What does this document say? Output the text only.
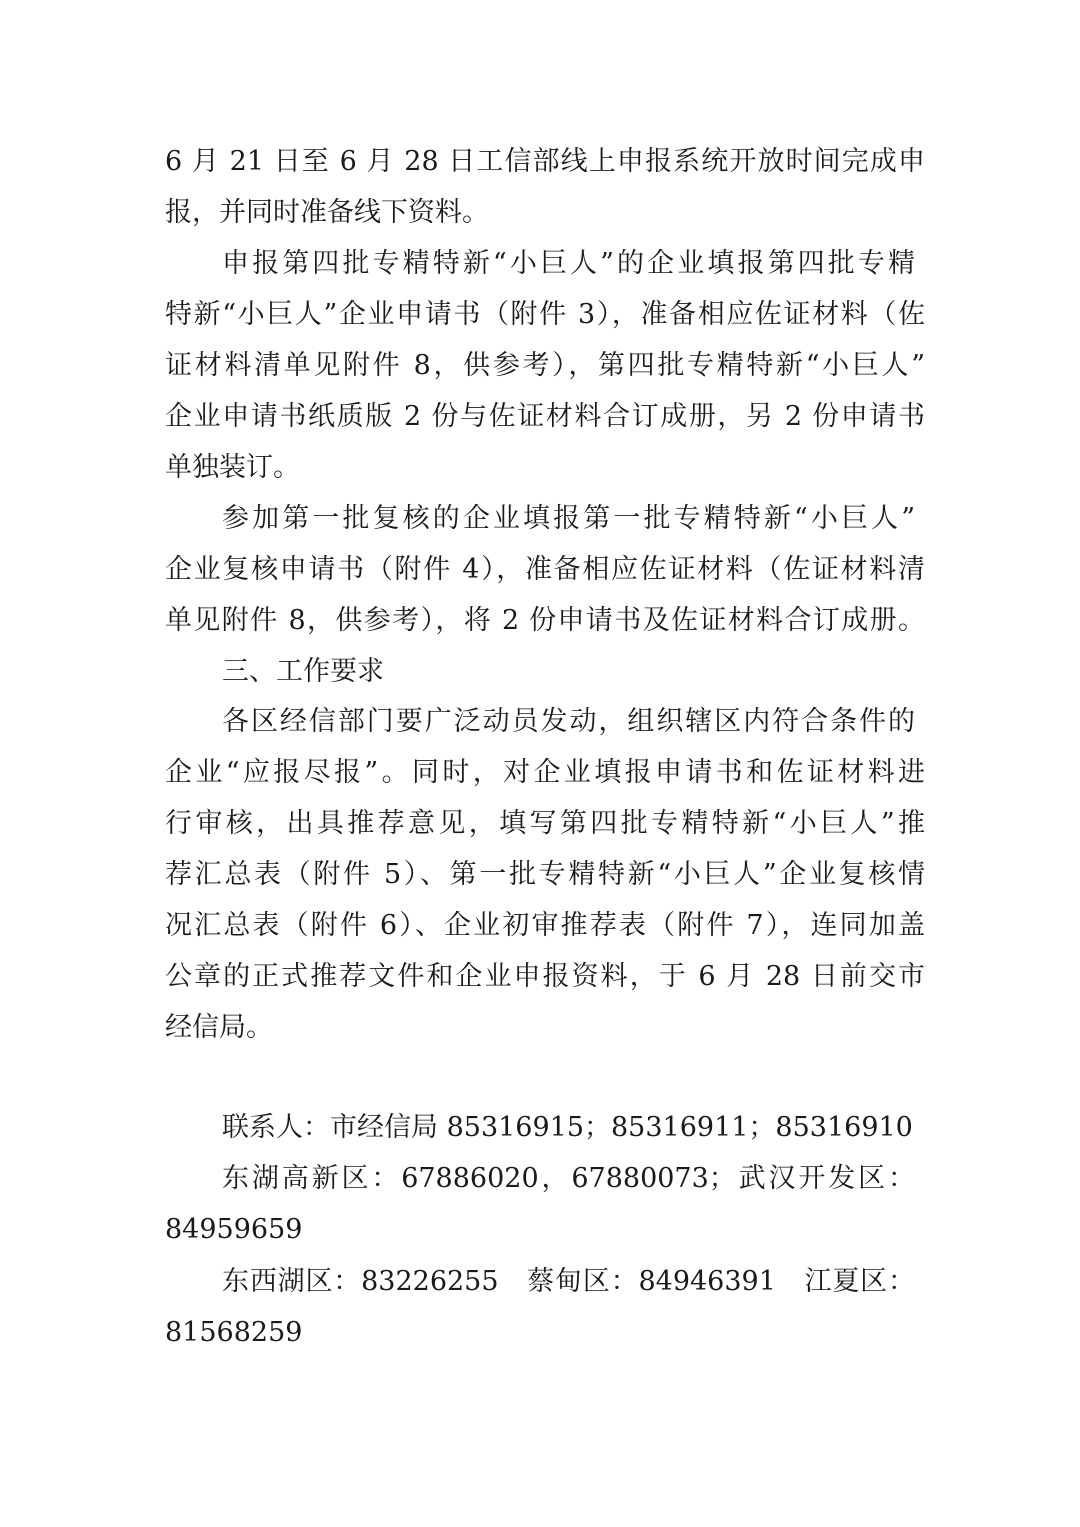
6 月 21 日至 6 月 28 日工信部线上申报系统开放时间完成申
报，并同时准备线下资料。
申报第四批专精特新“小巨人”的企业填报第四批专精
特新“小巨人”企业申请书（附件 3），准备相应佐证材料（佐
证材料清单见附件 8，供参考），第四批专精特新“小巨人”
企业申请书纸质版 2 份与佐证材料合订成册，另 2 份申请书
单独装订。
参加第一批复核的企业填报第一批专精特新“小巨人”
企业复核申请书（附件 4），准备相应佐证材料（佐证材料清
单见附件 8，供参考），将 2 份申请书及佐证材料合订成册。
三、工作要求
各区经信部门要广泛动员发动，组织辖区内符合条件的
企业“应报尽报”。同时，对企业填报申请书和佐证材料进
行审核，出具推荐意见，填写第四批专精特新“小巨人”推
荐汇总表（附件 5）、第一批专精特新“小巨人”企业复核情
况汇总表（附件 6）、企业初审推荐表（附件 7），连同加盖
公章的正式推荐文件和企业申报资料，于 6 月 28 日前交市
经信局。
联系人：市经信局 85316915；85316911；85316910
东湖高新区：67886020，67880073；武汉开发区：
84959659
东西湖区：83226255　蔡甸区：84946391　江夏区：
81568259
